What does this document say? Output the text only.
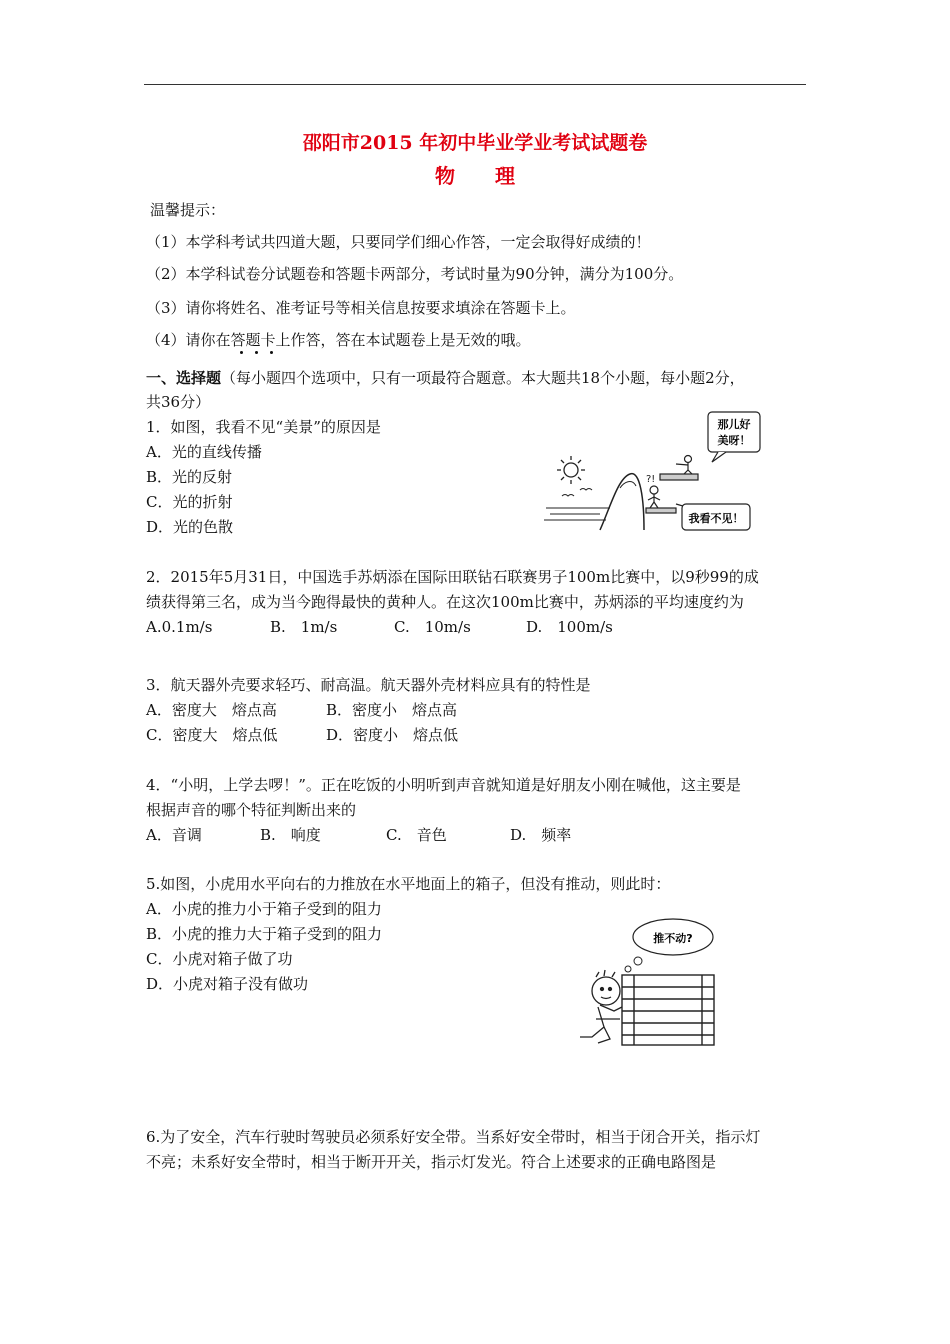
邵阳市2015 年初中毕业学业考试试题卷
物　　理
温馨提示：
（1）本学科考试共四道大题，只要同学们细心作答，一定会取得好成绩的！
（2）本学科试卷分试题卷和答题卡两部分，考试时量为90分钟，满分为100分。
（3）请你将姓名、准考证号等相关信息按要求填涂在答题卡上。
（4）请你在答题卡上作答，答在本试题卷上是无效的哦。
一、选择题（每小题四个选项中，只有一项最符合题意。本大题共18个小题，每小题2分，
共36分）
1．如图，我看不见“美景”的原因是
A．光的直线传播
B．光的反射
C．光的折射
D．光的色散
那儿好
美呀！
?!
我看不见！
2．2015年5月31日，中国选手苏炳添在国际田联钻石联赛男子100m比赛中，以9秒99的成
绩获得第三名，成为当今跑得最快的黄种人。在这次100m比赛中，苏炳添的平均速度约为
A.0.1m/s	B.　1m/s	C.　10m/s	D.　100m/s
3．航天器外壳要求轻巧、耐高温。航天器外壳材料应具有的特性是
A．密度大　熔点高	B．密度小　熔点高
C．密度大　熔点低	D．密度小　熔点低
4．“小明，上学去啰！”。正在吃饭的小明听到声音就知道是好朋友小刚在喊他，这主要是
根据声音的哪个特征判断出来的
A．音调	B.　响度	C.　音色	D.　频率
5.如图，小虎用水平向右的力推放在水平地面上的箱子，但没有推动，则此时：
A．小虎的推力小于箱子受到的阻力
B．小虎的推力大于箱子受到的阻力
C．小虎对箱子做了功
D．小虎对箱子没有做功
推不动?
6.为了安全，汽车行驶时驾驶员必须系好安全带。当系好安全带时，相当于闭合开关，指示灯
不亮；未系好安全带时，相当于断开开关，指示灯发光。符合上述要求的正确电路图是
